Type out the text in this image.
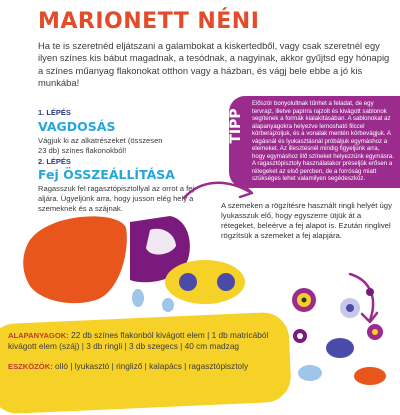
MARIONETT NÉNI

Ha te is szeretnéd eljátszani a galambokat a kiskertedből, vagy csak szeretnél egy ilyen színes kis bábut magadnak, a tesódnak, a nagyinak, akkor gyűjtsd egy hónapig a színes műanyag flakonokat otthon vagy a házban, és vágj bele ebbe a jó kis munkába!

1. LÉPÉS
VAGDOSÁS

Vágjuk ki az alkatrészeket (összesen 23 db) színes flakonokból!

2. LÉPÉS
Fej ÖSSZEÁLLÍTÁSA

Ragasszuk fel ragasztópisztollyal az orrot a fej aljára. Ügyeljünk arra, hogy jusson elég hely a szemeknek és a szájnak.

TIPP

Először bonyolultnak tűnhet a feladat, de egy tervrajz, illetve papírra rajzolt és kivágott sablonok segítenek a formák kialakításában. A sablonokat az alapanyagokra helyezve lemosható filccel körberajzoljuk, és a vonalak mentén körbevágjuk. A vágásnál és lyukasztásnál próbáljuk egymáshoz a elemeket. Az illesztésnél mindig figyeljünk arra, hogy egymáshoz illő színeket helyezzünk egymásra. A ragasztópisztoly használatakor préseljük erősen a rétegeket az első percben, de a forróság miatt szükséges lehet valamilyen segédeszköz.

A szemeken a rögzítésre használt ringli helyét úgy lyukasszuk elő, hogy egyszerre ütjük át a rétegeket, beleérve a fej alapot is. Ezután ringlivel rögzítsük a szemeket a fej alapjára.

ALAPANYAGOK: 22 db színes flakonból kivágott elem | 1 db matricából kivágott elem (száj) | 3 db ringli | 3 db szegecs | 40 cm madzag

ESZKÖZÖK: olló | lyukasztó | ringliző | kalapács | ragasztópisztoly
